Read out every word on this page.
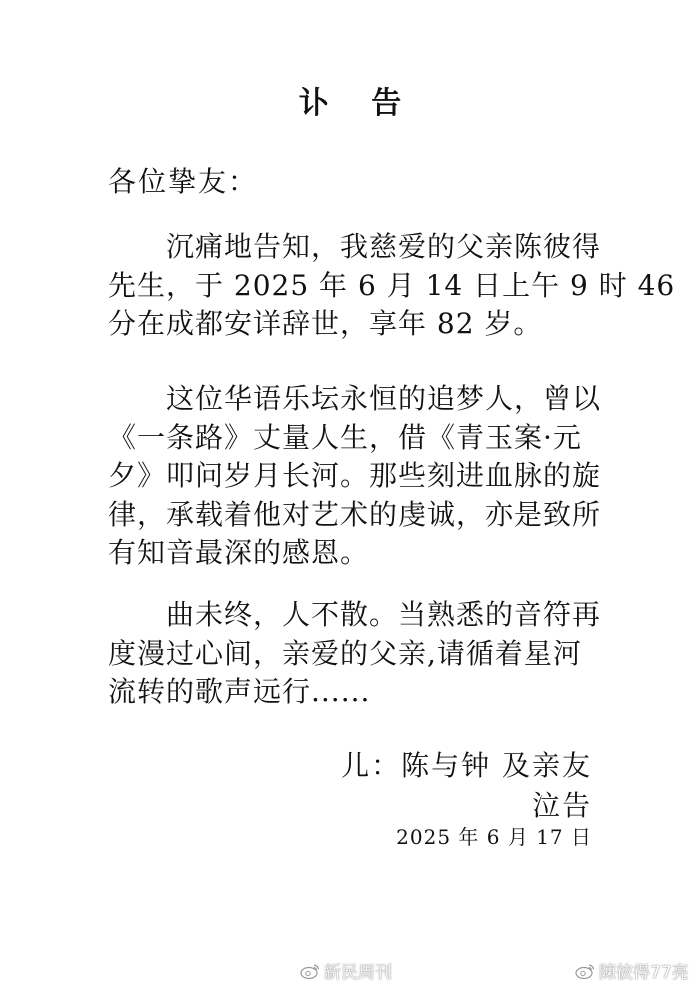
讣 告
各位挚友：
　　沉痛地告知，我慈爱的父亲陈彼得
先生，于 2025 年 6 月 14 日上午 9 时 46
分在成都安详辞世，享年 82 岁。
　　这位华语乐坛永恒的追梦人，曾以
《一条路》丈量人生，借《青玉案·元
夕》叩问岁月长河。那些刻进血脉的旋
律，承载着他对艺术的虔诚，亦是致所
有知音最深的感恩。
　　曲未终，人不散。当熟悉的音符再
度漫过心间，亲爱的父亲,请循着星河
流转的歌声远行......
儿：陈与钟 及亲友
泣告
2025 年 6 月 17 日
新民周刊	陳彼得77亮
